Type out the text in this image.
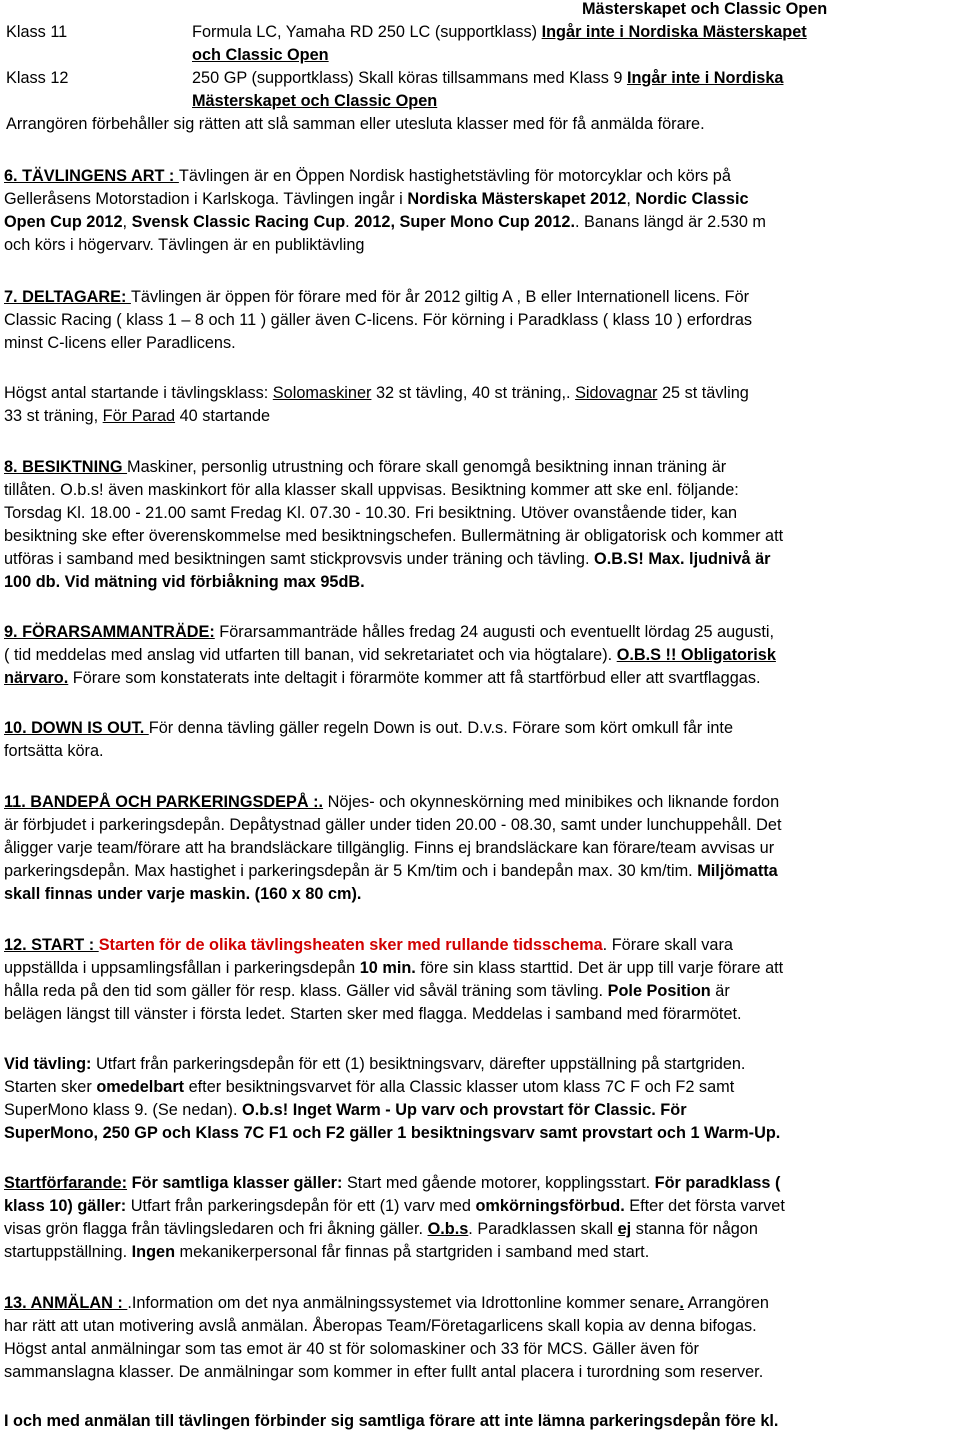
Mästerskapet och Classic Open
Klass 11	Formula LC, Yamaha RD 250 LC (supportklass) Ingår inte i Nordiska Mästerskapet
och Classic Open
Klass 12	250 GP (supportklass) Skall köras tillsammans med Klass 9 Ingår inte i Nordiska
Mästerskapet och Classic Open
Arrangören förbehåller sig rätten att slå samman eller utesluta klasser med för få anmälda förare.
6. TÄVLINGENS ART : Tävlingen är en Öppen Nordisk hastighetstävling för motorcyklar och körs på
Gelleråsens Motorstadion i Karlskoga. Tävlingen ingår i Nordiska Mästerskapet 2012, Nordic Classic
Open Cup 2012, Svensk Classic Racing Cup. 2012, Super Mono Cup 2012.. Banans längd är 2.530 m
och körs i högervarv. Tävlingen är en publiktävling
7. DELTAGARE: Tävlingen är öppen för förare med för år 2012 giltig A , B eller Internationell licens. För
Classic Racing ( klass 1 – 8 och 11 ) gäller även C-licens. För körning i Paradklass ( klass 10 ) erfordras
minst C-licens eller Paradlicens.
Högst antal startande i tävlingsklass: Solomaskiner 32 st tävling, 40 st träning,. Sidovagnar 25 st tävling
33 st träning, För Parad 40 startande
8. BESIKTNING Maskiner, personlig utrustning och förare skall genomgå besiktning innan träning är
tillåten. O.b.s! även maskinkort för alla klasser skall uppvisas. Besiktning kommer att ske enl. följande:
Torsdag Kl. 18.00 - 21.00 samt Fredag Kl. 07.30 - 10.30. Fri besiktning. Utöver ovanstående tider, kan
besiktning ske efter överenskommelse med besiktningschefen. Bullermätning är obligatorisk och kommer att
utföras i samband med besiktningen samt stickprovsvis under träning och tävling. O.B.S! Max. ljudnivå är
100 db. Vid mätning vid förbiåkning max 95dB.
9. FÖRARSAMMANTRÄDE: Förarsammanträde hålles fredag 24 augusti och eventuellt lördag 25 augusti,
( tid meddelas med anslag vid utfarten till banan, vid sekretariatet och via högtalare). O.B.S !! Obligatorisk
närvaro. Förare som konstaterats inte deltagit i förarmöte kommer att få startförbud eller att svartflaggas.
10. DOWN IS OUT. För denna tävling gäller regeln Down is out. D.v.s. Förare som kört omkull får inte
fortsätta köra.
11. BANDEPÅ OCH PARKERINGSDEPÅ :. Nöjes- och okynneskörning med minibikes och liknande fordon
är förbjudet i parkeringsdepån. Depåtystnad gäller under tiden 20.00 - 08.30, samt under lunchuppehåll. Det
åligger varje team/förare att ha brandsläckare tillgänglig. Finns ej brandsläckare kan förare/team avvisas ur
parkeringsdepån. Max hastighet i parkeringsdepån är 5 Km/tim och i bandepån max. 30 km/tim. Miljömatta
skall finnas under varje maskin. (160 x 80 cm).
12. START : Starten för de olika tävlingsheaten sker med rullande tidsschema. Förare skall vara
uppställda i uppsamlingsfållan i parkeringsdepån 10 min. före sin klass starttid. Det är upp till varje förare att
hålla reda på den tid som gäller för resp. klass. Gäller vid såväl träning som tävling. Pole Position är
belägen längst till vänster i första ledet. Starten sker med flagga. Meddelas i samband med förarmötet.
Vid tävling: Utfart från parkeringsdepån för ett (1) besiktningsvarv, därefter uppställning på startgriden.
Starten sker omedelbart efter besiktningsvarvet för alla Classic klasser utom klass 7C F och F2 samt
SuperMono klass 9. (Se nedan). O.b.s! Inget Warm - Up varv och provstart för Classic. För
SuperMono, 250 GP och Klass 7C F1 och F2 gäller 1 besiktningsvarv samt provstart och 1 Warm-Up.
Startförfarande: För samtliga klasser gäller: Start med gående motorer, kopplingsstart. För paradklass (
klass 10) gäller: Utfart från parkeringsdepån för ett (1) varv med omkörningsförbud. Efter det första varvet
visas grön flagga från tävlingsledaren och fri åkning gäller. O.b.s. Paradklassen skall ej stanna för någon
startuppställning. Ingen mekanikerpersonal får finnas på startgriden i samband med start.
13. ANMÄLAN : .Information om det nya anmälningssystemet via Idrottonline kommer senare. Arrangören
har rätt att utan motivering avslå anmälan. Åberopas Team/Företagarlicens skall kopia av denna bifogas.
Högst antal anmälningar som tas emot är 40 st för solomaskiner och 33 för MCS. Gäller även för
sammanslagna klasser. De anmälningar som kommer in efter fullt antal placera i turordning som reserver.
I och med anmälan till tävlingen förbinder sig samtliga förare att inte lämna parkeringsdepån före kl.
